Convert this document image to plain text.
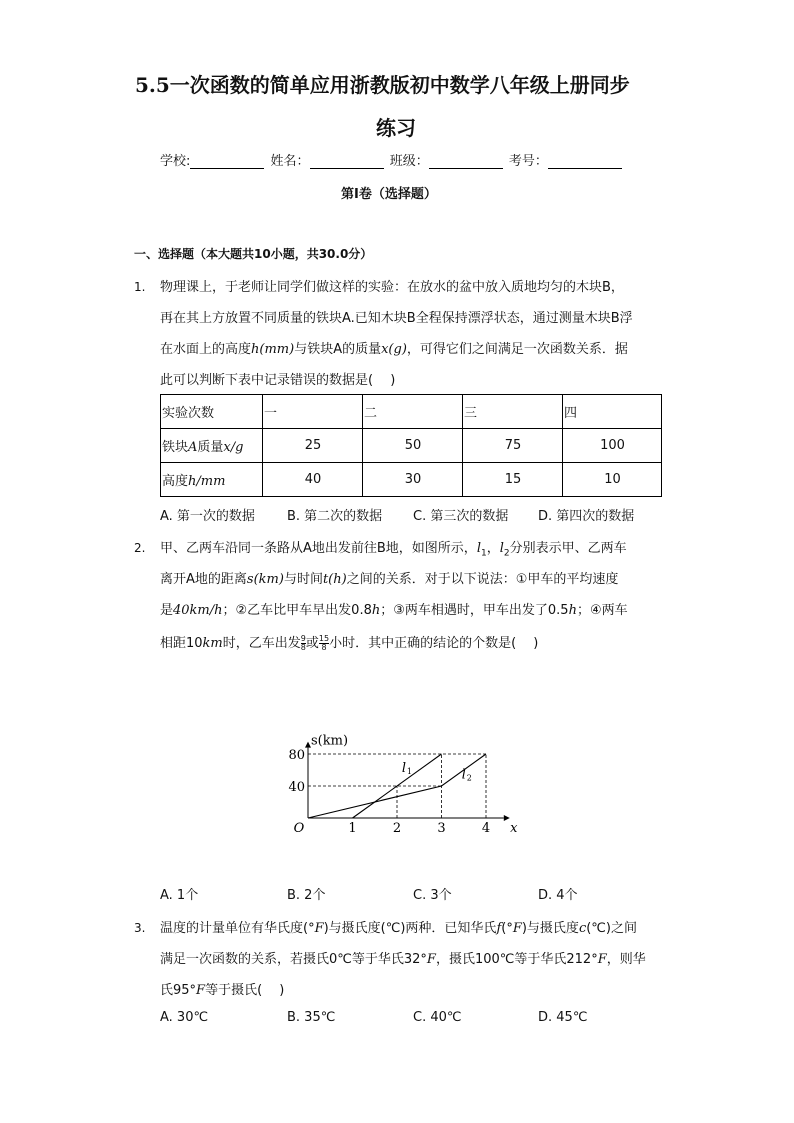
5.5一次函数的简单应用浙教版初中数学八年级上册同步
练习
学校:	姓名：	班级：	考号：
第I卷（选择题）
一、选择题（本大题共10小题，共30.0分）
1. 物理课上，于老师让同学们做这样的实验：在放水的盆中放入质地均匀的木块B，
再在其上方放置不同质量的铁块A.已知木块B全程保持漂浮状态，通过测量木块B浮
在水面上的高度h(mm)与铁块A的质量x(g)，可得它们之间满足一次函数关系．据
此可以判断下表中记录错误的数据是(　 )
实验次数	一	二	三	四
铁块A质量x/g	25	50	75	100
高度h/mm	40	30	15	10
A. 第一次的数据 B. 第二次的数据 C. 第三次的数据 D. 第四次的数据
2. 甲、乙两车沿同一条路从A地出发前往B地，如图所示，$l_1$，$l_2$分别表示甲、乙两车
离开A地的距离s(km)与时间t(h)之间的关系．对于以下说法：①甲车的平均速度
是40km/h；②乙车比甲车早出发0.8h；③两车相遇时，甲车出发了0.5h；④两车
相距10km时，乙车出发 $\frac{9}{8}$ 或 $\frac{15}{8}$ 小时．其中正确的结论的个数是(　 )
1	2	3	4
40
80
O	x
s(km)
l 1	l 2
A. 1个	B. 2个	C. 3个	D. 4个
3. 温度的计量单位有华氏度(°F)与摄氏度(℃)两种．已知华氏f(°F)与摄氏度c(℃)之间
满足一次函数的关系，若摄氏0℃等于华氏32°F，摄氏100℃等于华氏212°F，则华
氏95°F等于摄氏(　 )
A. 30℃	B. 35℃	C. 40℃	D. 45℃
